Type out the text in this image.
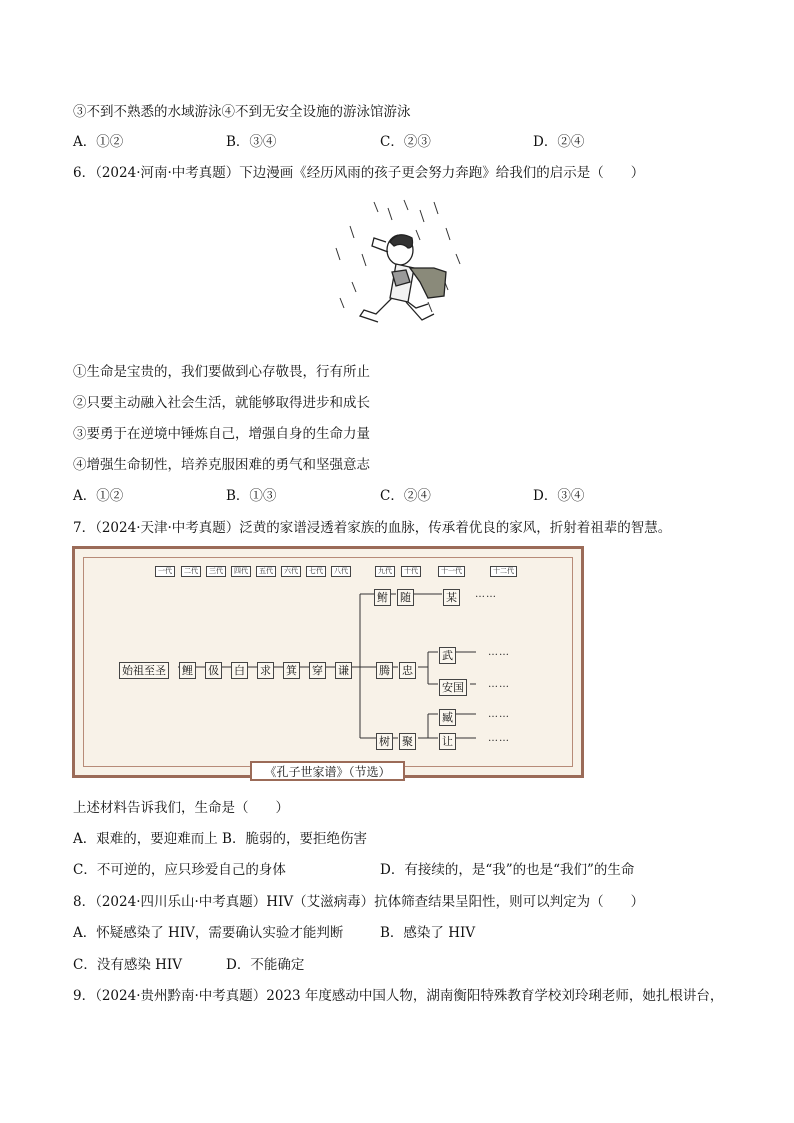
③不到不熟悉的水域游泳④不到无安全设施的游泳馆游泳
A．①②	B．③④	C．②③	D．②④
6．（2024·河南·中考真题）下边漫画《经历风雨的孩子更会努力奔跑》给我们的启示是（　　）
①生命是宝贵的，我们要做到心存敬畏，行有所止
②只要主动融入社会生活，就能够取得进步和成长
③要勇于在逆境中锤炼自己，增强自身的生命力量
④增强生命韧性，培养克服困难的勇气和坚强意志
A．①②	B．①③	C．②④	D．③④
7．（2024·天津·中考真题）泛黄的家谱浸透着家族的血脉，传承着优良的家风，折射着祖辈的智慧。
一代	二代	三代	四代	五代	六代	七代	八代	九代	十代	十一代	十二代
始祖至圣 鲤 伋 白 求 箕 穿 谦
鲋 随	某	……
腾 忠
武
安国
……
……
树 聚
臧
让
……
……
《孔子世家谱》（节选）
上述材料告诉我们，生命是（　　）
A．艰难的，要迎难而上 B．脆弱的，要拒绝伤害
C．不可逆的，应只珍爱自己的身体	D．有接续的，是“我”的也是“我们”的生命
8．（2024·四川乐山·中考真题）HIV（艾滋病毒）抗体筛查结果呈阳性，则可以判定为（　　）
A．怀疑感染了 HIV，需要确认实验才能判断	B．感染了 HIV
C．没有感染 HIV	D．不能确定
9．（2024·贵州黔南·中考真题）2023 年度感动中国人物，湖南衡阳特殊教育学校刘玲琍老师，她扎根讲台，
